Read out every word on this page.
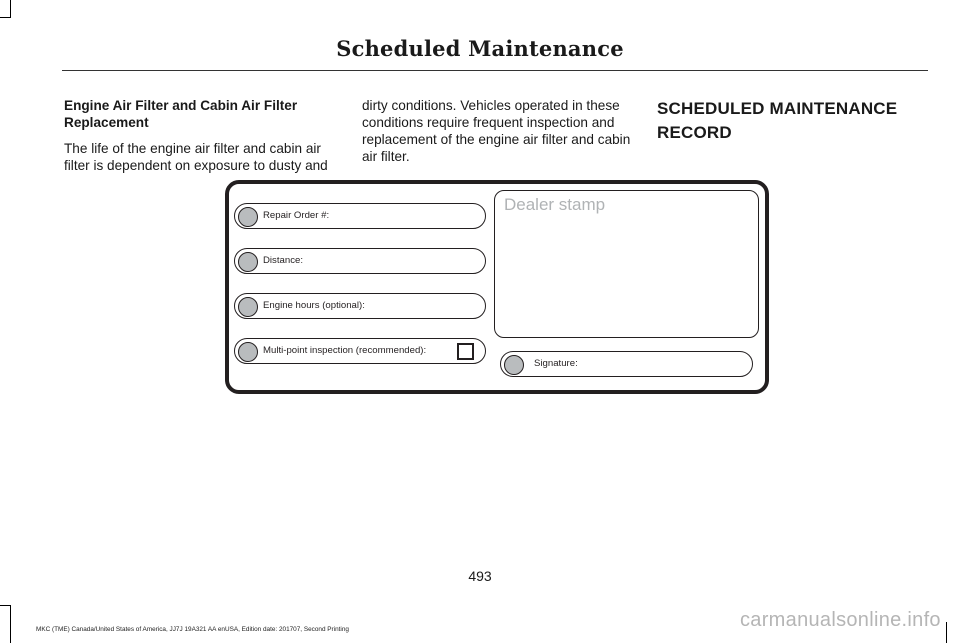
Scheduled Maintenance

Engine Air Filter and Cabin Air Filter Replacement

The life of the engine air filter and cabin air filter is dependent on exposure to dusty and

dirty conditions. Vehicles operated in these conditions require frequent inspection and replacement of the engine air filter and cabin air filter.

SCHEDULED MAINTENANCE
RECORD
Repair Order #:
Distance:
Engine hours (optional):
Multi-point inspection (recommended):
Dealer stamp
Signature:
493
MKC (TME) Canada/United States of America, JJ7J 19A321 AA enUSA, Edition date: 201707, Second Printing	carmanualsonline.info
